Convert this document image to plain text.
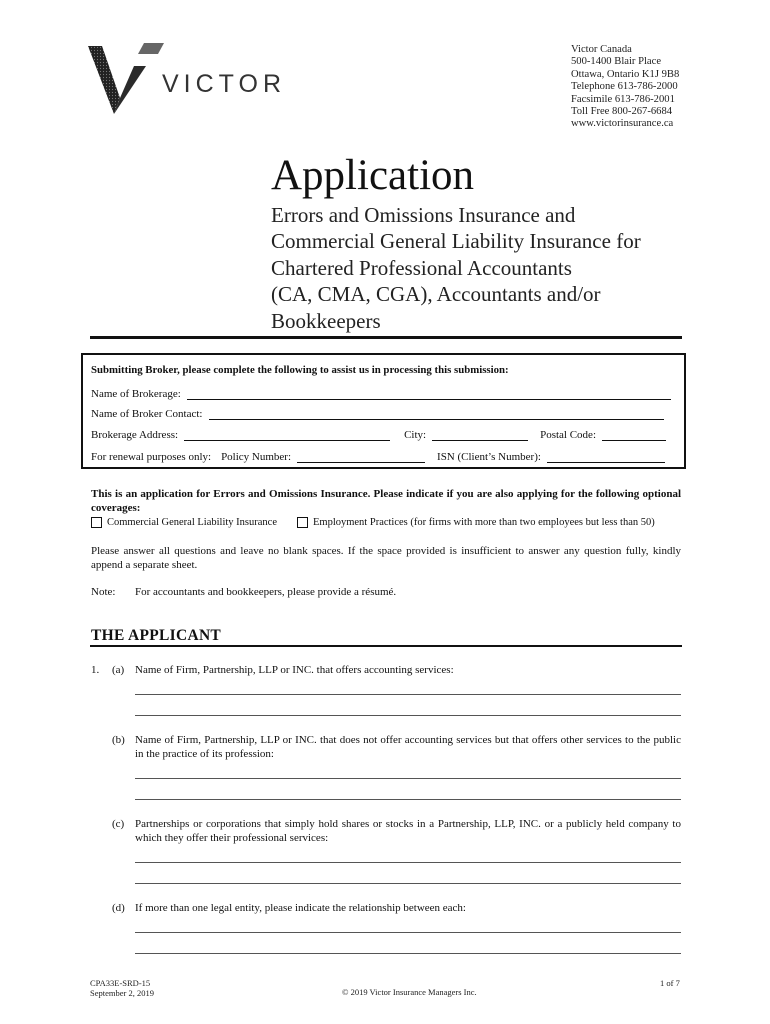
VICTOR
Victor Canada
500-1400 Blair Place
Ottawa, Ontario K1J 9B8
Telephone 613-786-2000
Facsimile 613-786-2001
Toll Free 800-267-6684
www.victorinsurance.ca
Application
Errors and Omissions Insurance and
Commercial General Liability Insurance for
Chartered Professional Accountants
(CA, CMA, CGA), Accountants and/or
Bookkeepers
Submitting Broker, please complete the following to assist us in processing this submission:
Name of Brokerage:
Name of Broker Contact:
Brokerage Address:	City:	Postal Code:
For renewal purposes only: Policy Number:	ISN (Client’s Number):
This is an application for Errors and Omissions Insurance. Please indicate if you are also applying for the following optional coverages:
Commercial General Liability Insurance	Employment Practices (for firms with more than two employees but less than 50)
Please answer all questions and leave no blank spaces. If the space provided is insufficient to answer any question fully, kindly append a separate sheet.
Note:	For accountants and bookkeepers, please provide a résumé.
THE APPLICANT
1. (a) Name of Firm, Partnership, LLP or INC. that offers accounting services:
(b) Name of Firm, Partnership, LLP or INC. that does not offer accounting services but that offers other services to the public in the practice of its profession:
(c) Partnerships or corporations that simply hold shares or stocks in a Partnership, LLP, INC. or a publicly held company to which they offer their professional services:
(d) If more than one legal entity, please indicate the relationship between each:
CPA33E-SRD-15
September 2, 2019	© 2019 Victor Insurance Managers Inc.
1 of 7
